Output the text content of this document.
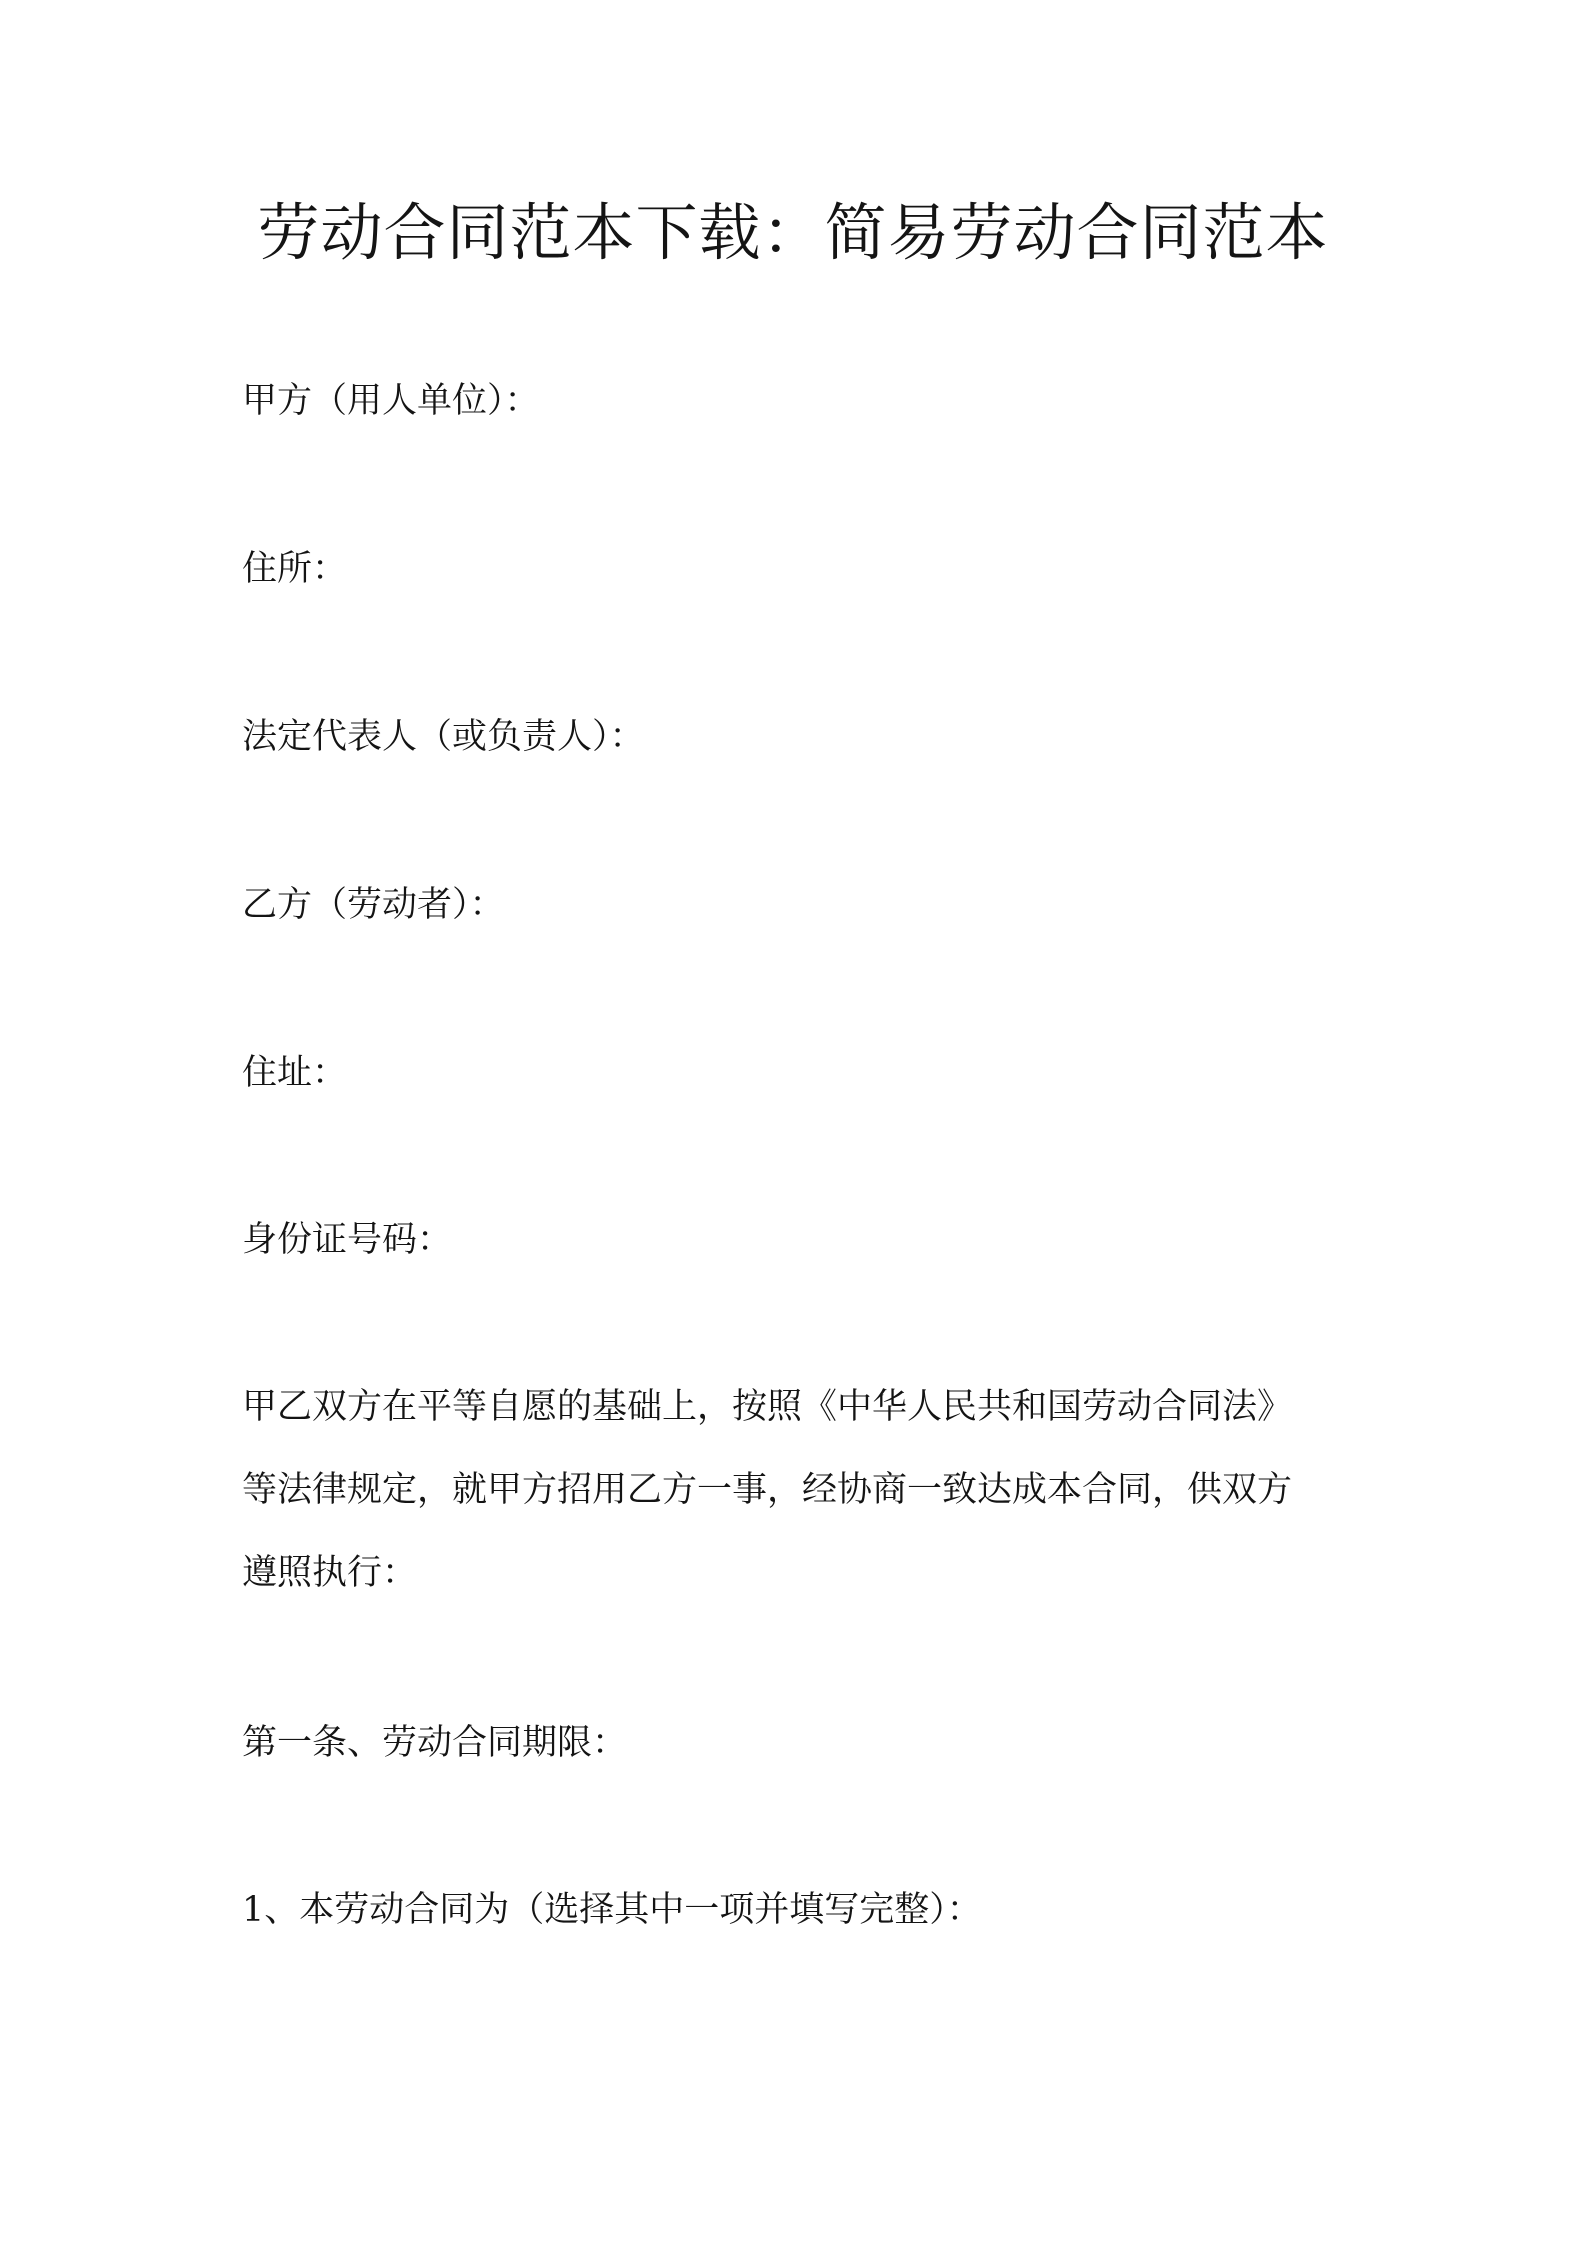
劳动合同范本下载：简易劳动合同范本
甲方（用人单位）：
住所：
法定代表人（或负责人）：
乙方（劳动者）：
住址：
身份证号码：
甲乙双方在平等自愿的基础上，按照《中华人民共和国劳动合同法》
等法律规定，就甲方招用乙方一事，经协商一致达成本合同，供双方
遵照执行：
第一条、劳动合同期限：
1、本劳动合同为（选择其中一项并填写完整）：
